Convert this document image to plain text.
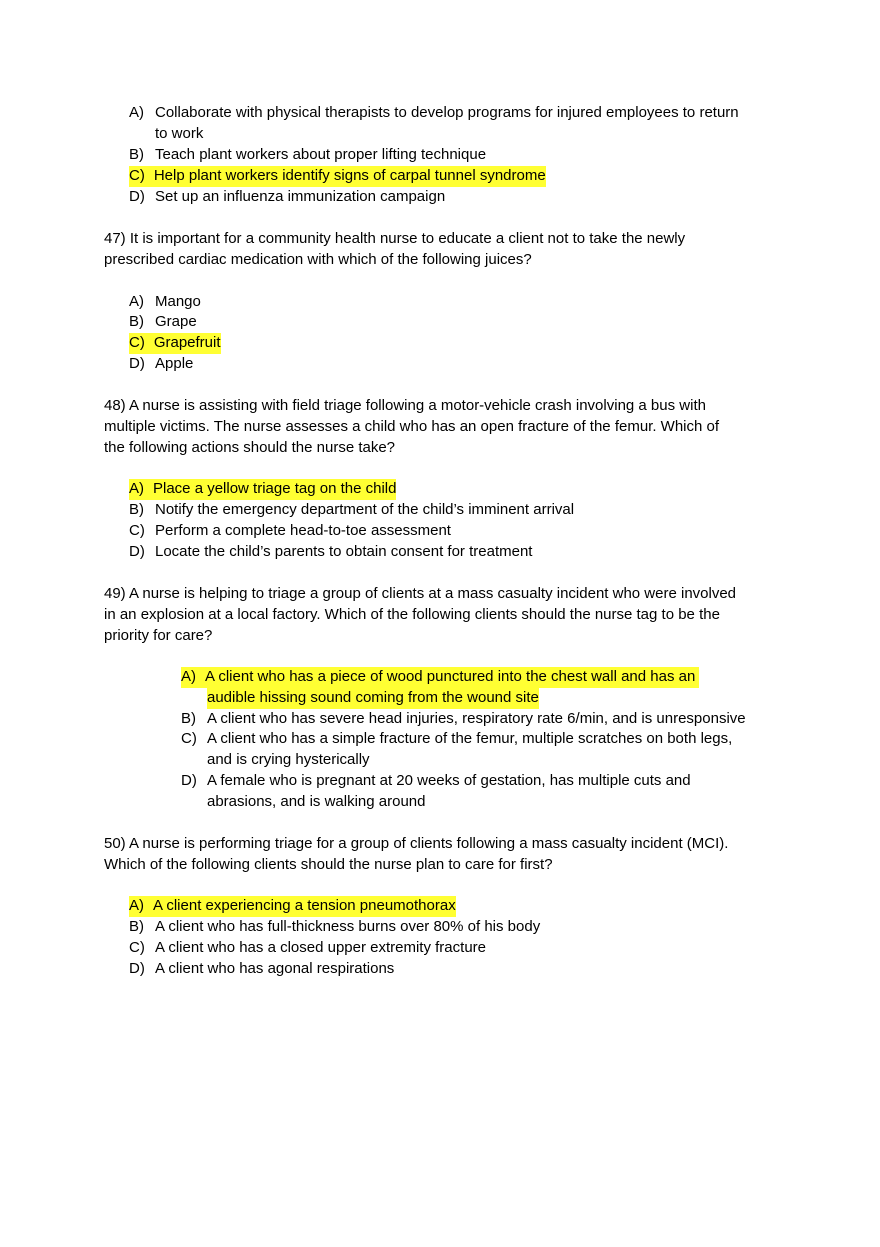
A) Collaborate with physical therapists to develop programs for injured employees to return
to work
B) Teach plant workers about proper lifting technique
C) Help plant workers identify signs of carpal tunnel syndrome
D) Set up an influenza immunization campaign
47) It is important for a community health nurse to educate a client not to take the newly
prescribed cardiac medication with which of the following juices?
A) Mango
B) Grape
C) Grapefruit
D) Apple
48) A nurse is assisting with field triage following a motor-vehicle crash involving a bus with
multiple victims. The nurse assesses a child who has an open fracture of the femur. Which of
the following actions should the nurse take?
A) Place a yellow triage tag on the child
B) Notify the emergency department of the child’s imminent arrival
C) Perform a complete head-to-toe assessment
D) Locate the child’s parents to obtain consent for treatment
49) A nurse is helping to triage a group of clients at a mass casualty incident who were involved
in an explosion at a local factory. Which of the following clients should the nurse tag to be the
priority for care?
A) A client who has a piece of wood punctured into the chest wall and has an
audible hissing sound coming from the wound site
B) A client who has severe head injuries, respiratory rate 6/min, and is unresponsive
C) A client who has a simple fracture of the femur, multiple scratches on both legs,
and is crying hysterically
D) A female who is pregnant at 20 weeks of gestation, has multiple cuts and
abrasions, and is walking around
50) A nurse is performing triage for a group of clients following a mass casualty incident (MCI).
Which of the following clients should the nurse plan to care for first?
A) A client experiencing a tension pneumothorax
B) A client who has full-thickness burns over 80% of his body
C) A client who has a closed upper extremity fracture
D) A client who has agonal respirations
